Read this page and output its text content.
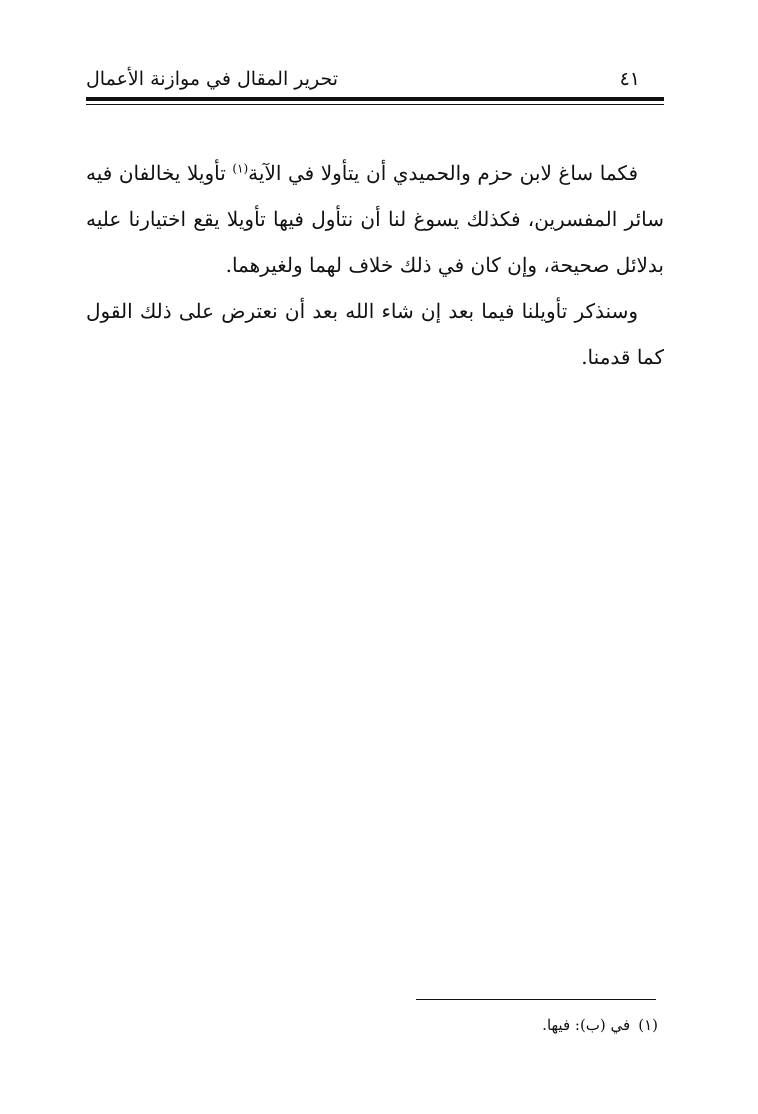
تحرير المقال في موازنة الأعمال	٤١

فكما ساغ لابن حزم والحميدي أن يتأولا في الآية$^{(١)}$ تأويلا يخالفان فيه سائر المفسرين، فكذلك يسوغ لنا أن نتأول فيها تأويلا يقع اختيارنا عليه بدلائل صحيحة، وإن كان في ذلك خلاف لهما ولغيرهما.

وسنذكر تأويلنا فيما بعد إن شاء الله بعد أن نعترض على ذلك القول كما قدمنا.

(١)في (ب): فيها.
